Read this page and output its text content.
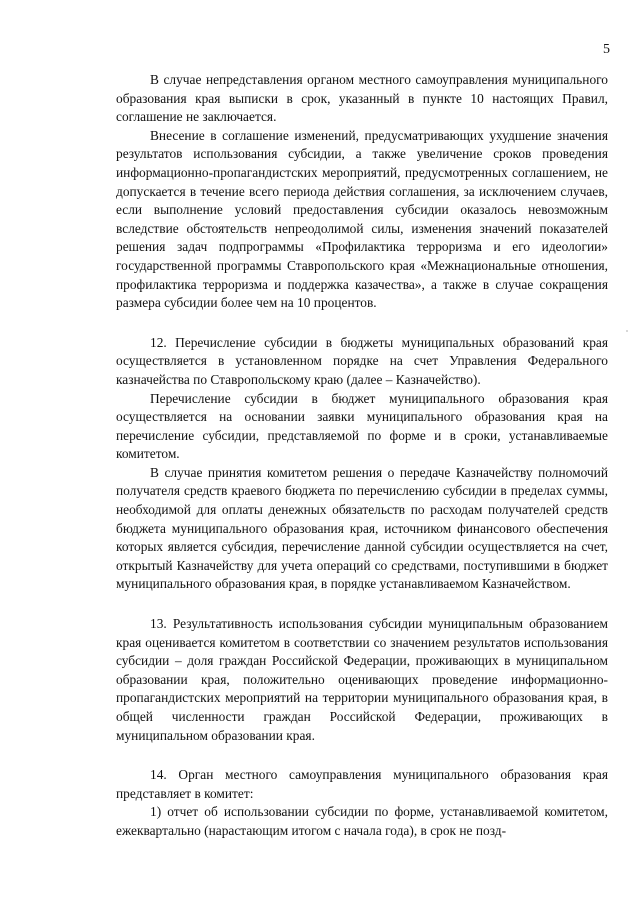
5

В случае непредставления органом местного самоуправления муниципального образования края выписки в срок, указанный в пункте 10 настоящих Правил, соглашение не заключается.

Внесение в соглашение изменений, предусматривающих ухудшение значения результатов использования субсидии, а также увеличение сроков проведения информационно-пропагандистских мероприятий, предусмотренных соглашением, не допускается в течение всего периода действия соглашения, за исключением случаев, если выполнение условий предоставления субсидии оказалось невозможным вследствие обстоятельств непреодолимой силы, изменения значений показателей решения задач подпрограммы «Профилактика терроризма и его идеологии» государственной программы Ставропольского края «Межнациональные отношения, профилактика терроризма и поддержка казачества», а также в случае сокращения размера субсидии более чем на 10 процентов.

12. Перечисление субсидии в бюджеты муниципальных образований края осуществляется в установленном порядке на счет Управления Федерального казначейства по Ставропольскому краю (далее – Казначейство).

Перечисление субсидии в бюджет муниципального образования края осуществляется на основании заявки муниципального образования края на перечисление субсидии, представляемой по форме и в сроки, устанавливаемые комитетом.

В случае принятия комитетом решения о передаче Казначейству полномочий получателя средств краевого бюджета по перечислению субсидии в пределах суммы, необходимой для оплаты денежных обязательств по расходам получателей средств бюджета муниципального образования края, источником финансового обеспечения которых является субсидия, перечисление данной субсидии осуществляется на счет, открытый Казначейству для учета операций со средствами, поступившими в бюджет муниципального образования края, в порядке устанавливаемом Казначейством.

13. Результативность использования субсидии муниципальным образованием края оценивается комитетом в соответствии со значением результатов использования субсидии – доля граждан Российской Федерации, проживающих в муниципальном образовании края, положительно оценивающих проведение информационно-пропагандистских мероприятий на территории муниципального образования края, в общей численности граждан Российской Федерации, проживающих в муниципальном образовании края.

14. Орган местного самоуправления муниципального образования края представляет в комитет:

1) отчет об использовании субсидии по форме, устанавливаемой комитетом, ежеквартально (нарастающим итогом с начала года), в срок не позд-
